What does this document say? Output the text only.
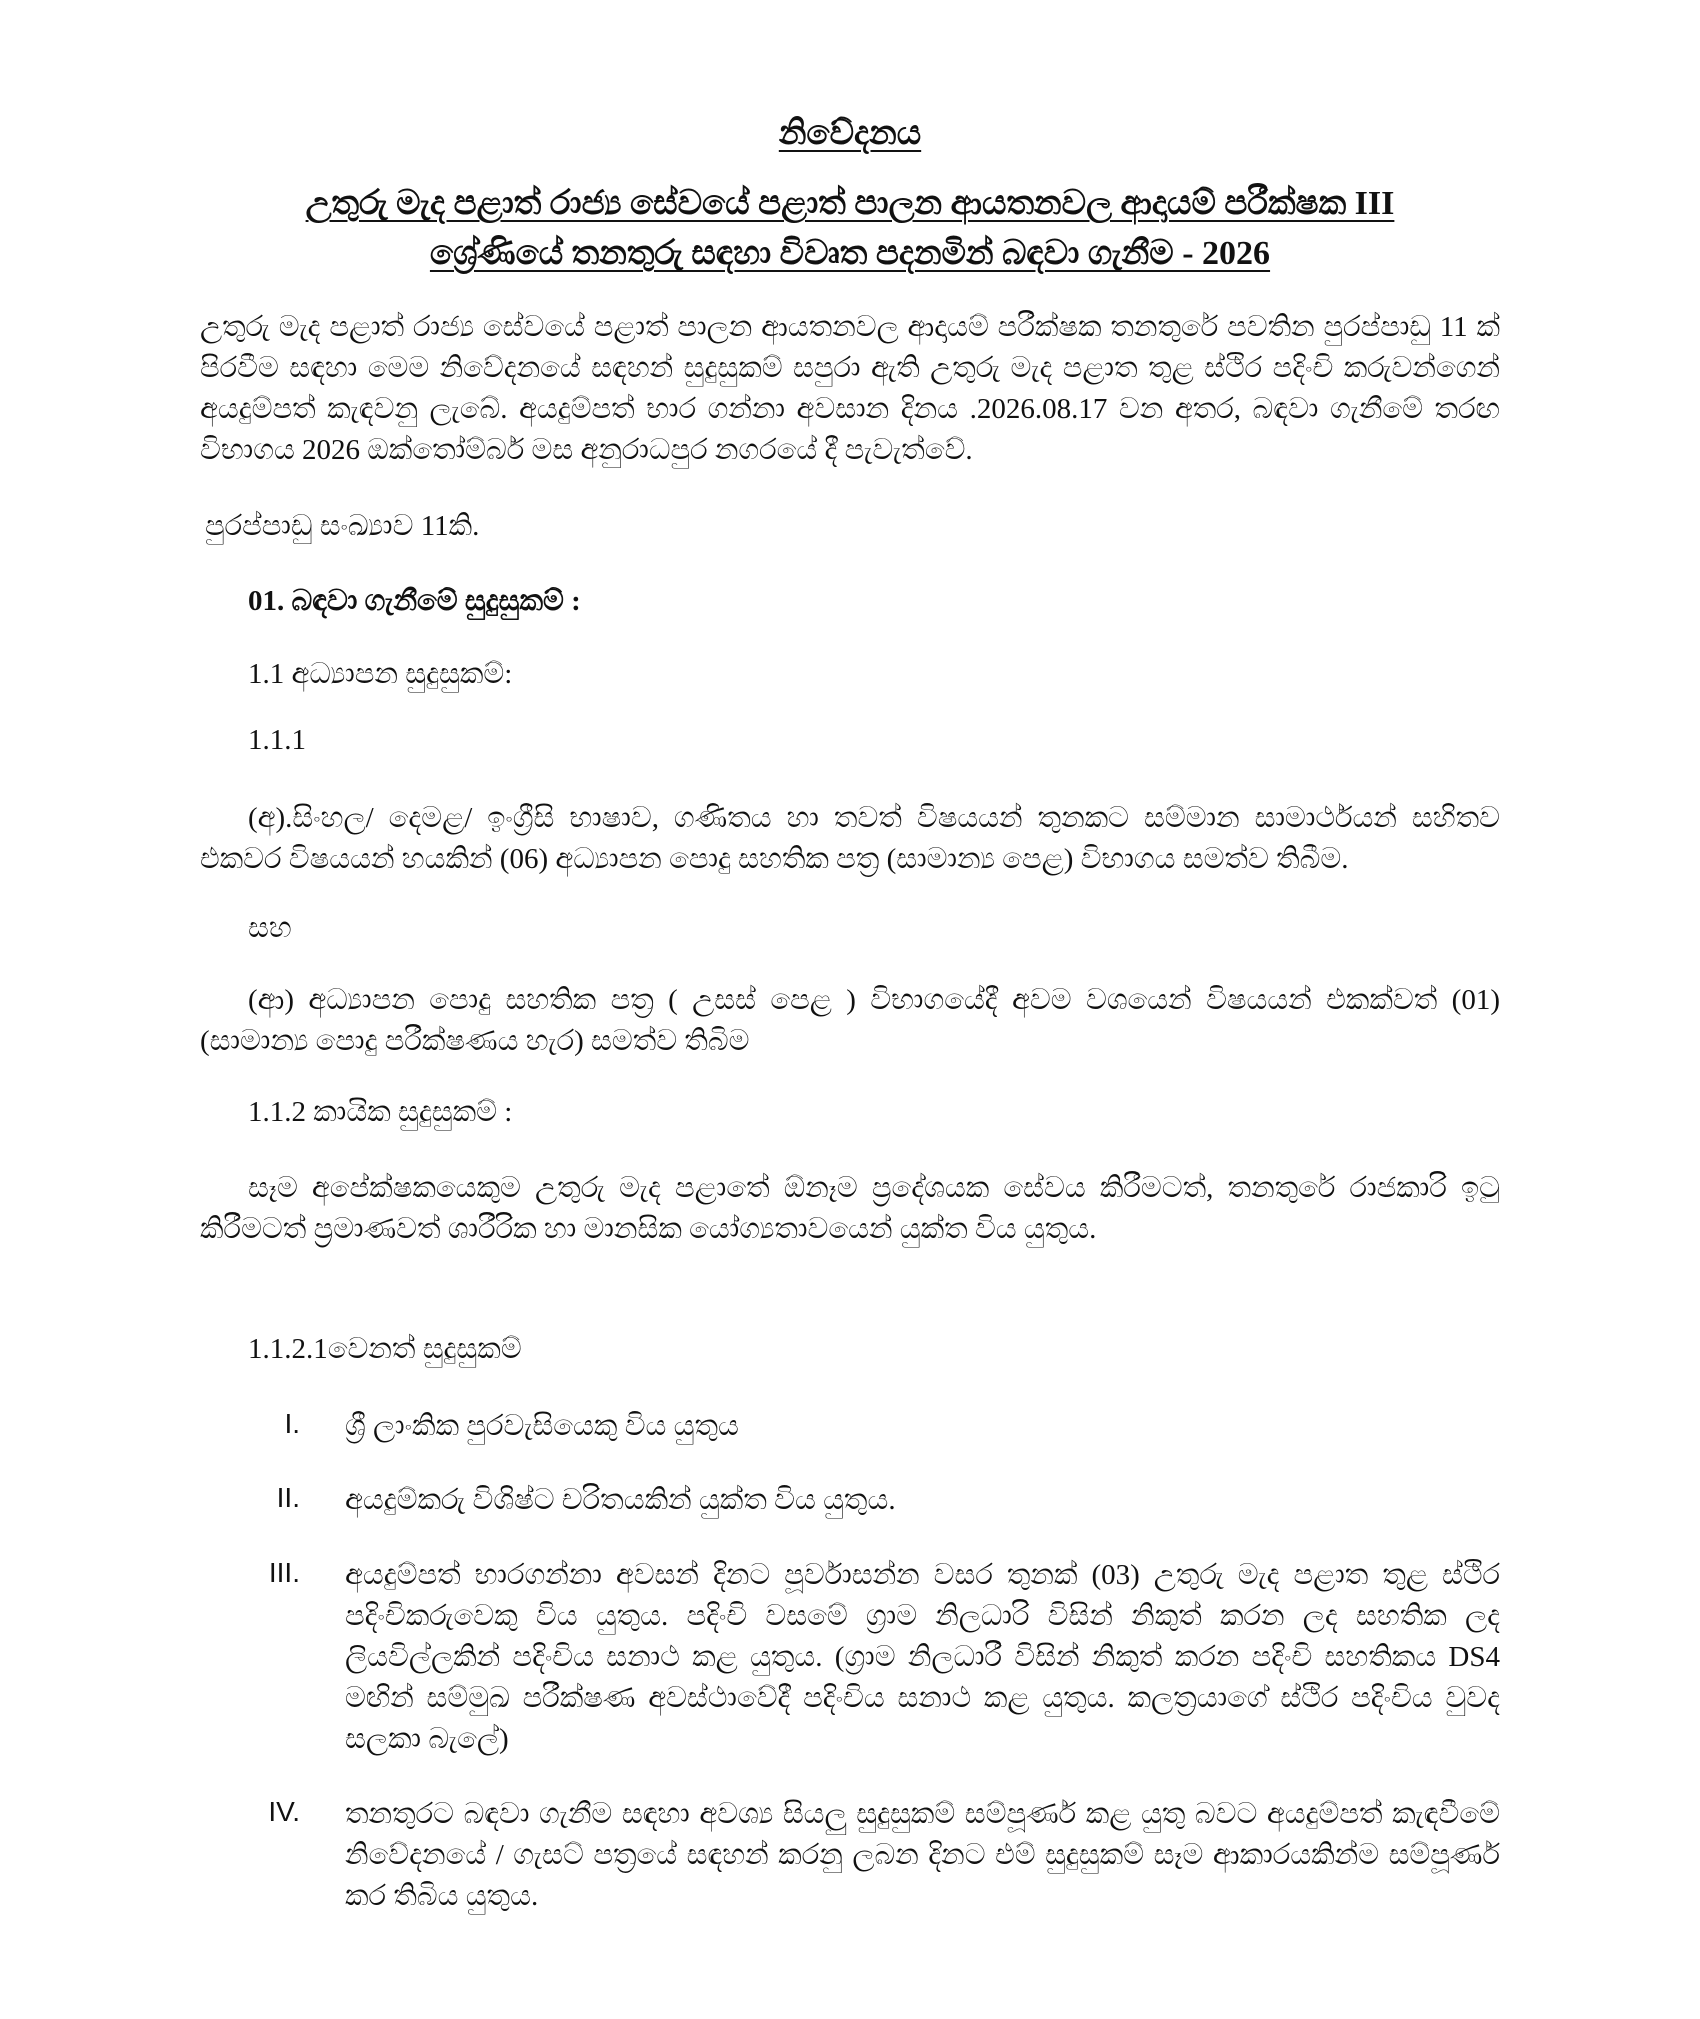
නිවේදනය
උතුරු මැද පළාත් රාජ්‍ය සේවයේ පළාත් පාලන ආයතනවල ආදායම් පරීක්ෂක III
ශ්‍රේණියේ තනතුරු සඳහා විවෘත පදනමින් බඳවා ගැනීම - 2026
උතුරු මැද පළාත් රාජ්‍ය සේවයේ පළාත් පාලන ආයතනවල ආදායම් පරීක්ෂක තනතුරේ පවතින පුරප්පාඩු 11 ක් පිරවීම සඳහා මෙම නිවේදනයේ සඳහන් සුදුසුකම් සපුරා ඇති උතුරු මැද පළාත තුළ ස්ථිර පදිංචි කරුවන්ගෙන් අයදුම්පත් කැඳවනු ලැබේ. අයදුම්පත් භාර ගන්නා අවසාන දිනය .2026.08.17 වන අතර, බඳවා ගැනීමේ තරඟ විභාගය 2026 ඔක්තෝම්බර් මස අනුරාධපුර නගරයේ දී පැවැත්වේ.
පුරප්පාඩු සංඛ්‍යාව 11කි.
01. බඳවා ගැනීමේ සුදුසුකම් :
1.1 අධ්‍යාපන සුදුසුකම්:
1.1.1
(අ).සිංහල/ දෙමළ/ ඉංග්‍රීසි භාෂාව, ගණිතය හා තවත් විෂයයන් තුනකට සම්මාන සාමාර්ථයන් සහිතව එකවර විෂයයන් හයකින් (06) අධ්‍යාපන පොදු සහතික පත්‍ර (සාමාන්‍ය පෙළ) විභාගය සමත්ව තිබීම.
සහ
(ආ) අධ්‍යාපන පොදු සහතික පත්‍ර ( උසස් පෙළ ) විභාගයේදී අවම වශයෙන් විෂයයන් එකක්වත් (01) (සාමාන්‍ය පොදු පරීක්ෂණය හැර) සමත්ව තිබිම
1.1.2 කායික සුදුසුකම් :
සෑම අපේක්ෂකයෙකුම උතුරු මැද පළාතේ ඕනෑම ප්‍රදේශයක සේවය කිරීමටත්, තනතුරේ රාජකාරි ඉටු කිරීමටත් ප්‍රමාණවත් ශාරීරික හා මානසික යෝග්‍යතාවයෙන් යුක්ත විය යුතුය.
1.1.2.1වෙනත් සුදුසුකම්
I. ශ්‍රී ලාංකික පුරවැසියෙකු විය යුතුය
II. අයදුම්කරු විශිෂ්ට චරිතයකින් යුක්ත විය යුතුය.
III. අයදුම්පත් භාරගන්නා අවසන් දිනට පූර්වාසන්න වසර තුනක් (03) උතුරු මැද පළාත තුළ ස්ථිර පදිංචිකරුවෙකු විය යුතුය. පදිංචි වසමේ ග්‍රාම නිලධාරි විසින් නිකුත් කරන ලද සහතික ලද ලියවිල්ලකින් පදිංචිය සනාථ කළ යුතුය. (ග්‍රාම නිලධාරී විසින් නිකුත් කරන පදිංචි සහතිකය DS4 මඟින් සම්මුඛ පරීක්ෂණ අවස්ථාවේදී පදිංචිය සනාථ කළ යුතුය. කලත්‍රයාගේ ස්ථිර පදිංචිය වුවද සලකා බැලේ)
IV. තනතුරට බඳවා ගැනීම සඳහා අවශ්‍ය සියලු සුදුසුකම් සම්පූර්ණ කළ යුතු බවට අයදුම්පත් කැඳවීමේ නිවේදනයේ / ගැසට් පත්‍රයේ සඳහන් කරනු ලබන දිනට එම් සුදුසුකම් සෑම ආකාරයකින්ම සම්පූර්ණ කර තිබිය යුතුය.
